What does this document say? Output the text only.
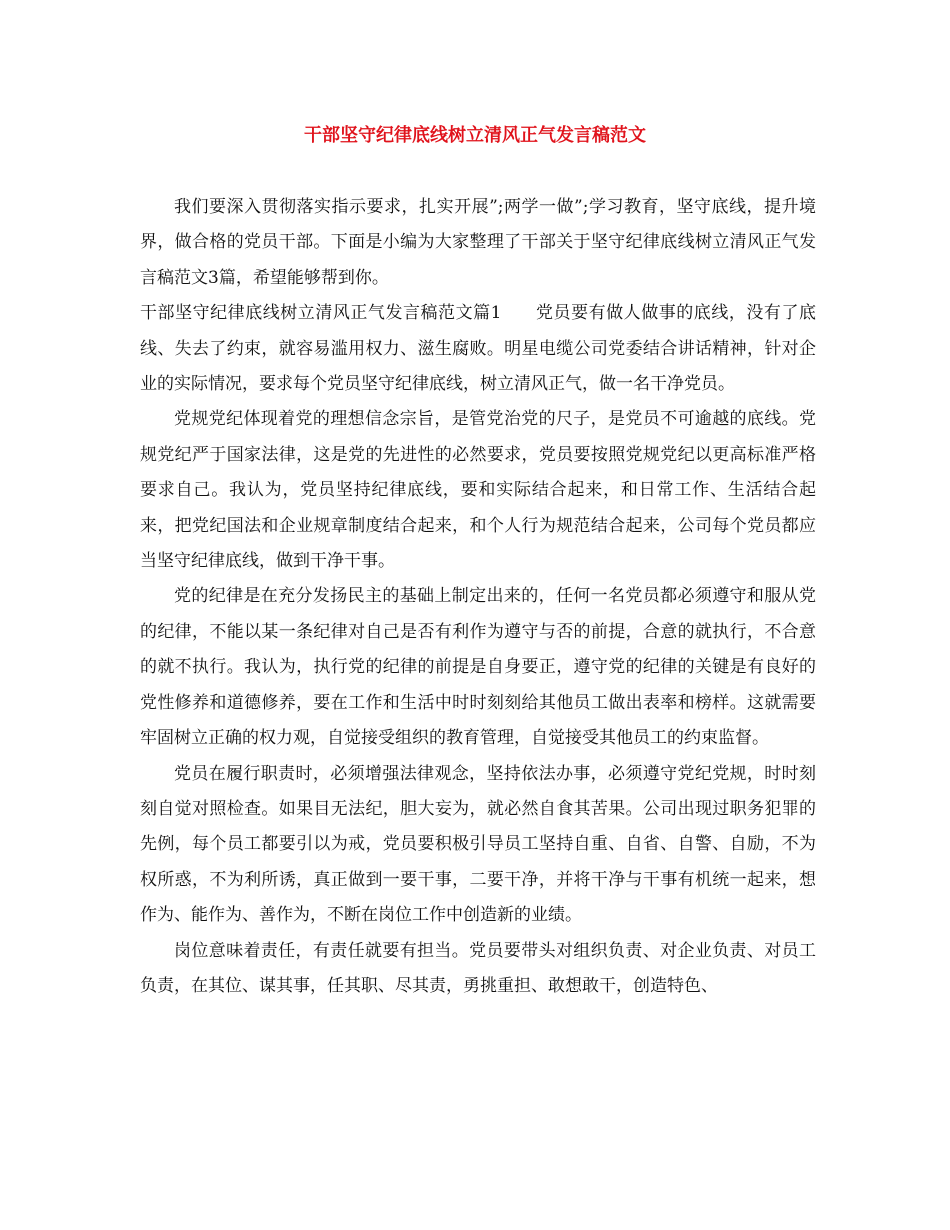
干部坚守纪律底线树立清风正气发言稿范文

我们要深入贯彻落实指示要求，扎实开展”;两学一做”;学习教育，坚守底线，提升境界，做合格的党员干部。下面是小编为大家整理了干部关于坚守纪律底线树立清风正气发言稿范文3篇，希望能够帮到你。

干部坚守纪律底线树立清风正气发言稿范文篇1 党员要有做人做事的底线，没有了底线、失去了约束，就容易滥用权力、滋生腐败。明星电缆公司党委结合讲话精神，针对企业的实际情况，要求每个党员坚守纪律底线，树立清风正气，做一名干净党员。

党规党纪体现着党的理想信念宗旨，是管党治党的尺子，是党员不可逾越的底线。党规党纪严于国家法律，这是党的先进性的必然要求，党员要按照党规党纪以更高标准严格要求自己。我认为，党员坚持纪律底线，要和实际结合起来，和日常工作、生活结合起来，把党纪国法和企业规章制度结合起来，和个人行为规范结合起来，公司每个党员都应当坚守纪律底线，做到干净干事。

党的纪律是在充分发扬民主的基础上制定出来的，任何一名党员都必须遵守和服从党的纪律，不能以某一条纪律对自己是否有利作为遵守与否的前提，合意的就执行，不合意的就不执行。我认为，执行党的纪律的前提是自身要正，遵守党的纪律的关键是有良好的党性修养和道德修养，要在工作和生活中时时刻刻给其他员工做出表率和榜样。这就需要牢固树立正确的权力观，自觉接受组织的教育管理，自觉接受其他员工的约束监督。

党员在履行职责时，必须增强法律观念，坚持依法办事，必须遵守党纪党规，时时刻刻自觉对照检查。如果目无法纪，胆大妄为，就必然自食其苦果。公司出现过职务犯罪的先例，每个员工都要引以为戒，党员要积极引导员工坚持自重、自省、自警、自励，不为权所惑，不为利所诱，真正做到一要干事，二要干净，并将干净与干事有机统一起来，想作为、能作为、善作为，不断在岗位工作中创造新的业绩。

岗位意味着责任，有责任就要有担当。党员要带头对组织负责、对企业负责、对员工负责，在其位、谋其事，任其职、尽其责，勇挑重担、敢想敢干，创造特色、
